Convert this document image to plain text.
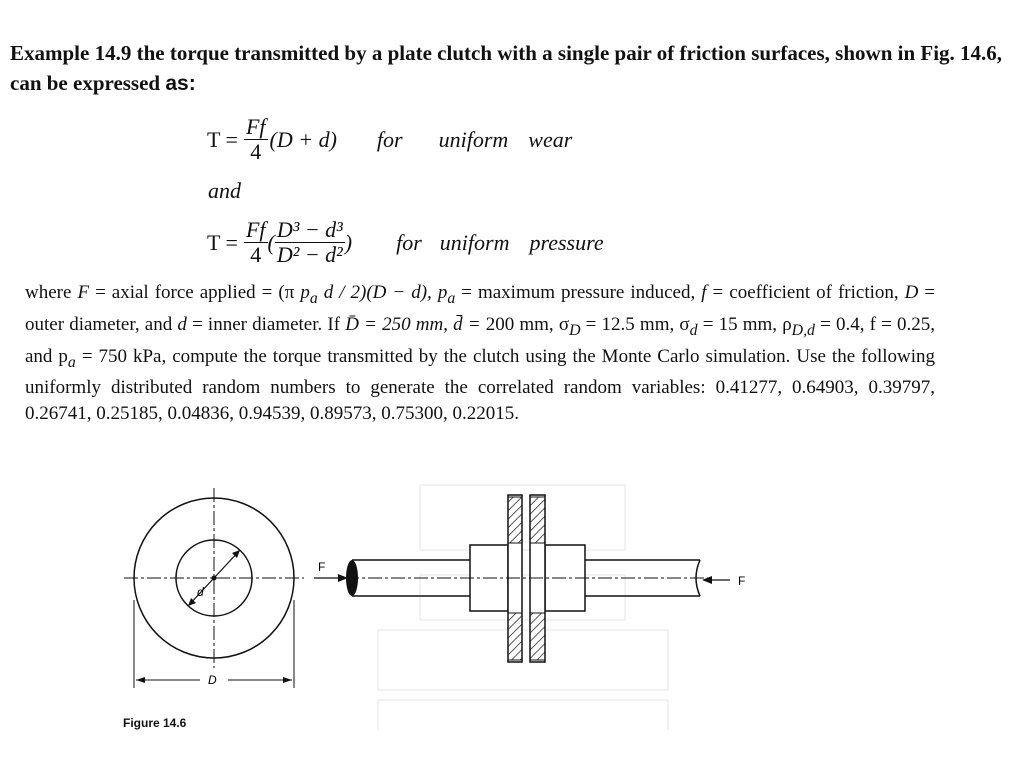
Example 14.9 the torque transmitted by a plate clutch with a single pair of friction surfaces, shown in Fig. 14.6, can be expressed as:
$T = \frac{Ff}{4} (D + d)$ for uniform wear
and
$T = \frac{Ff}{4}$ ( $\frac{\text{D³ − d³}}{\text{D² − d²}}$ ) for uniform pressure

where F = axial force applied = (π $p_a$ d / 2)(D − d), $p_a$ = maximum pressure induced, f = coefficient of friction, D = outer diameter, and d = inner diameter. If D̄ = 250 mm, d̄ = 200 mm, $\sigma_D = 12.5$ mm, $\sigma_d = 15$ mm, $\rho_{D,d} = 0.4$, f = 0.25, and $p_a = 750$ kPa, compute the torque transmitted by the clutch using the Monte Carlo simulation. Use the following uniformly distributed random numbers to generate the correlated random variables: 0.41277, 0.64903, 0.39797, 0.26741, 0.25185, 0.04836, 0.94539, 0.89573, 0.75300, 0.22015.

d
D
F
F
Figure 14.6
